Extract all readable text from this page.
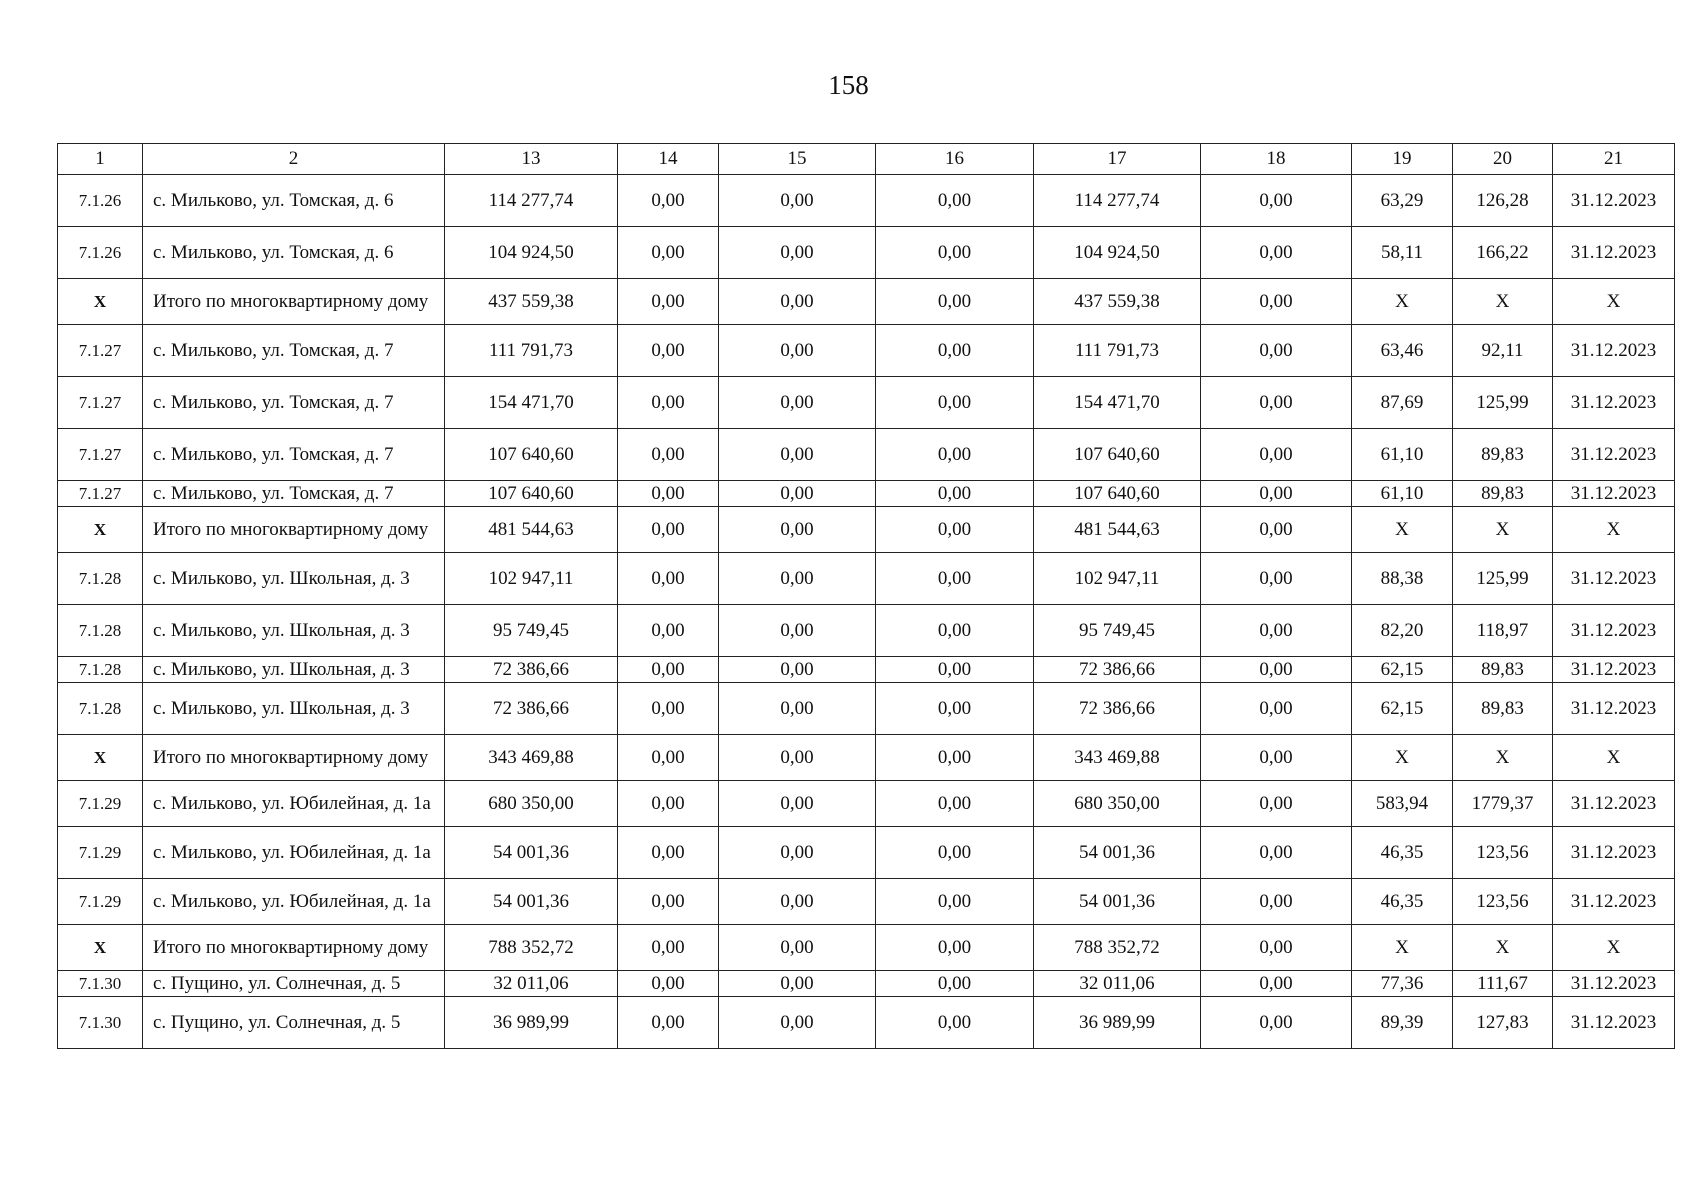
158
1	2	13	14	15	16	17	18	19	20	21
7.1.26	с. Мильково, ул. Томская, д. 6	114 277,74	0,00	0,00	0,00	114 277,74	0,00	63,29	126,28	31.12.2023
7.1.26	с. Мильково, ул. Томская, д. 6	104 924,50	0,00	0,00	0,00	104 924,50	0,00	58,11	166,22	31.12.2023
X	Итого по многоквартирному дому	437 559,38	0,00	0,00	0,00	437 559,38	0,00	X	X	X
7.1.27	с. Мильково, ул. Томская, д. 7	111 791,73	0,00	0,00	0,00	111 791,73	0,00	63,46	92,11	31.12.2023
7.1.27	с. Мильково, ул. Томская, д. 7	154 471,70	0,00	0,00	0,00	154 471,70	0,00	87,69	125,99	31.12.2023
7.1.27	с. Мильково, ул. Томская, д. 7	107 640,60	0,00	0,00	0,00	107 640,60	0,00	61,10	89,83	31.12.2023
7.1.27	с. Мильково, ул. Томская, д. 7	107 640,60	0,00	0,00	0,00	107 640,60	0,00	61,10	89,83	31.12.2023
X	Итого по многоквартирному дому	481 544,63	0,00	0,00	0,00	481 544,63	0,00	X	X	X
7.1.28	с. Мильково, ул. Школьная, д. 3	102 947,11	0,00	0,00	0,00	102 947,11	0,00	88,38	125,99	31.12.2023
7.1.28	с. Мильково, ул. Школьная, д. 3	95 749,45	0,00	0,00	0,00	95 749,45	0,00	82,20	118,97	31.12.2023
7.1.28	с. Мильково, ул. Школьная, д. 3	72 386,66	0,00	0,00	0,00	72 386,66	0,00	62,15	89,83	31.12.2023
7.1.28	с. Мильково, ул. Школьная, д. 3	72 386,66	0,00	0,00	0,00	72 386,66	0,00	62,15	89,83	31.12.2023
X	Итого по многоквартирному дому	343 469,88	0,00	0,00	0,00	343 469,88	0,00	X	X	X
7.1.29	с. Мильково, ул. Юбилейная, д. 1а	680 350,00	0,00	0,00	0,00	680 350,00	0,00	583,94	1779,37	31.12.2023
7.1.29	с. Мильково, ул. Юбилейная, д. 1а	54 001,36	0,00	0,00	0,00	54 001,36	0,00	46,35	123,56	31.12.2023
7.1.29	с. Мильково, ул. Юбилейная, д. 1а	54 001,36	0,00	0,00	0,00	54 001,36	0,00	46,35	123,56	31.12.2023
X	Итого по многоквартирному дому	788 352,72	0,00	0,00	0,00	788 352,72	0,00	X	X	X
7.1.30	с. Пущино, ул. Солнечная, д. 5	32 011,06	0,00	0,00	0,00	32 011,06	0,00	77,36	111,67	31.12.2023
7.1.30	с. Пущино, ул. Солнечная, д. 5	36 989,99	0,00	0,00	0,00	36 989,99	0,00	89,39	127,83	31.12.2023
